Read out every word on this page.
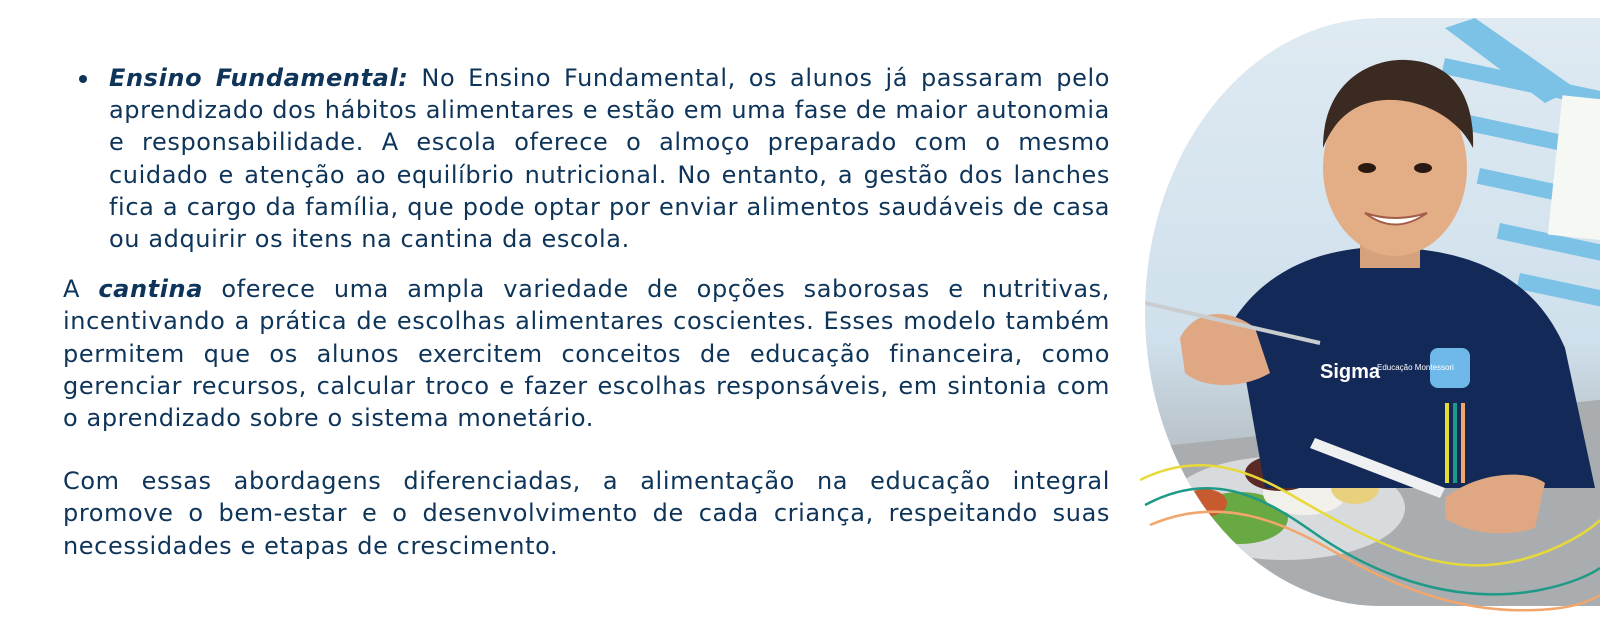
Ensino Fundamental: No Ensino Fundamental, os alunos já passaram pelo aprendizado dos hábitos alimentares e estão em uma fase de maior autonomia e responsabilidade. A escola oferece o almoço preparado com o mesmo cuidado e atenção ao equilíbrio nutricional. No entanto, a gestão dos lanches fica a cargo da família, que pode optar por enviar alimentos saudáveis de casa ou adquirir os itens na cantina da escola.

A cantina oferece uma ampla variedade de opções saborosas e nutritivas, incentivando a prática de escolhas alimentares coscientes. Esses modelo também permitem que os alunos exercitem conceitos de educação financeira, como gerenciar recursos, calcular troco e fazer escolhas responsáveis, em sintonia com o aprendizado sobre o sistema monetário.

Com essas abordagens diferenciadas, a alimentação na educação integral promove o bem-estar e o desenvolvimento de cada criança, respeitando suas necessidades e etapas de crescimento.

Sigma
Educação Montessori
